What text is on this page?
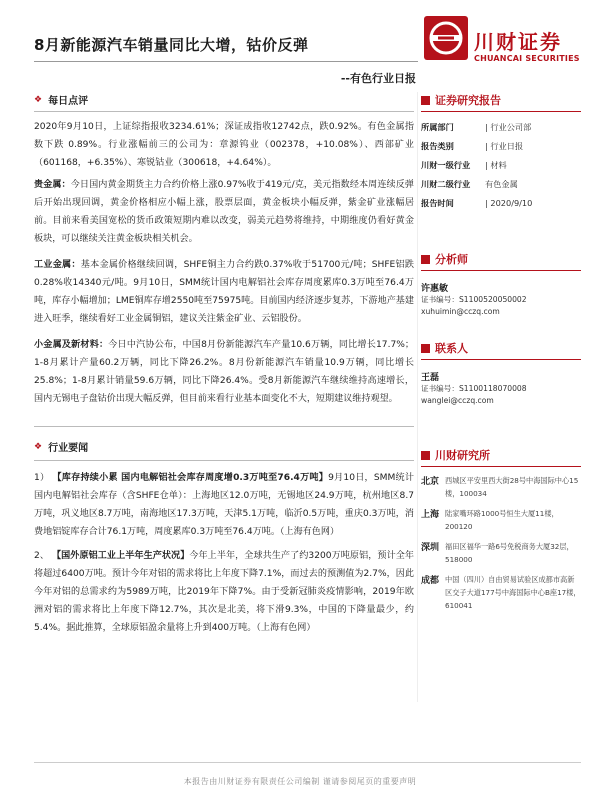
8月新能源汽车销量同比大增，钴价反弹
--有色行业日报
川财证券
CHUANCAI SECURITIES
❖ 每日点评

2020年9月10日，上证综指报收3234.61%；深证成指收12742点，跌0.92%。有色金属指数下跌 0.89%。行业涨幅前三的公司为：章源钨业（002378，+10.08%）、西部矿业（601168，+6.35%）、寒锐钴业（300618，+4.64%）。

贵金属：今日国内黄金期货主力合约价格上涨0.97%收于419元/克，美元指数经本周连续反弹后开始出现回调，黄金价格相应小幅上涨，股票层面，黄金板块小幅反弹，紫金矿业涨幅居前。目前来看美国宽松的货币政策短期内难以改变，弱美元趋势将维持，中期维度仍看好黄金板块，可以继续关注黄金板块相关机会。

工业金属：基本金属价格继续回调，SHFE铜主力合约跌0.37%收于51700元/吨；SHFE铝跌0.28%收14340元/吨。9月10日，SMM统计国内电解铝社会库存周度累库0.3万吨至76.4万吨，库存小幅增加；LME铜库存增2550吨至75975吨。目前国内经济逐步复苏，下游地产基建进入旺季，继续看好工业金属铜铝，建议关注紫金矿业、云铝股份。

小金属及新材料：今日中汽协公布，中国8月份新能源汽车产量10.6万辆，同比增长17.7%；1-8月累计产量60.2万辆，同比下降26.2%。8月份新能源汽车销量10.9万辆，同比增长25.8%；1-8月累计销量59.6万辆，同比下降26.4%。受8月新能源汽车继续维持高速增长，国内无锡电子盘钴价出现大幅反弹，但目前来看行业基本面变化不大，短期建议维持观望。

❖ 行业要闻

1） 【库存持续小累 国内电解铝社会库存周度增0.3万吨至76.4万吨】9月10日，SMM统计国内电解铝社会库存（含SHFE仓单）：上海地区12.0万吨，无锡地区24.9万吨，杭州地区8.7万吨，巩义地区8.7万吨，南海地区17.3万吨，天津5.1万吨，临沂0.5万吨，重庆0.3万吨，消费地铝锭库存合计76.1万吨，周度累库0.3万吨至76.4万吨。（上海有色网）

2、 【国外原铝工业上半年生产状况】今年上半年，全球共生产了约3200万吨原铝，预计全年将超过6400万吨。预计今年对铝的需求将比上年度下降7.1%，而过去的预测值为2.7%，因此今年对铝的总需求约为5989万吨，比2019年下降7%。由于受新冠肺炎疫情影响，2019年欧洲对铝的需求将比上年度下降12.7%，其次是北美，将下滑9.3%，中国的下降量最少，约5.4%。据此推算，全球原铝盈余量将上升到400万吨。（上海有色网）

证券研究报告
所属部门	| 行业公司部
报告类别	| 行业日报
川财一级行业	| 材料
川财二级行业	有色金属
报告时间	| 2020/9/10
分析师
许惠敏
证书编号：S1100520050002
xuhuimin@cczq.com
联系人
王磊
证书编号：S1100118070008
wanglei@cczq.com
川财研究所
北京 西城区平安里西大街28号中海国际中心15楼，100034
上海 陆家嘴环路1000号恒生大厦11楼，200120
深圳 福田区福华一路6号免税商务大厦32层，518000
成都 中国（四川）自由贸易试验区成都市高新区交子大道177号中海国际中心B座17楼，610041
本报告由川财证券有限责任公司编制 谨请参阅尾页的重要声明
